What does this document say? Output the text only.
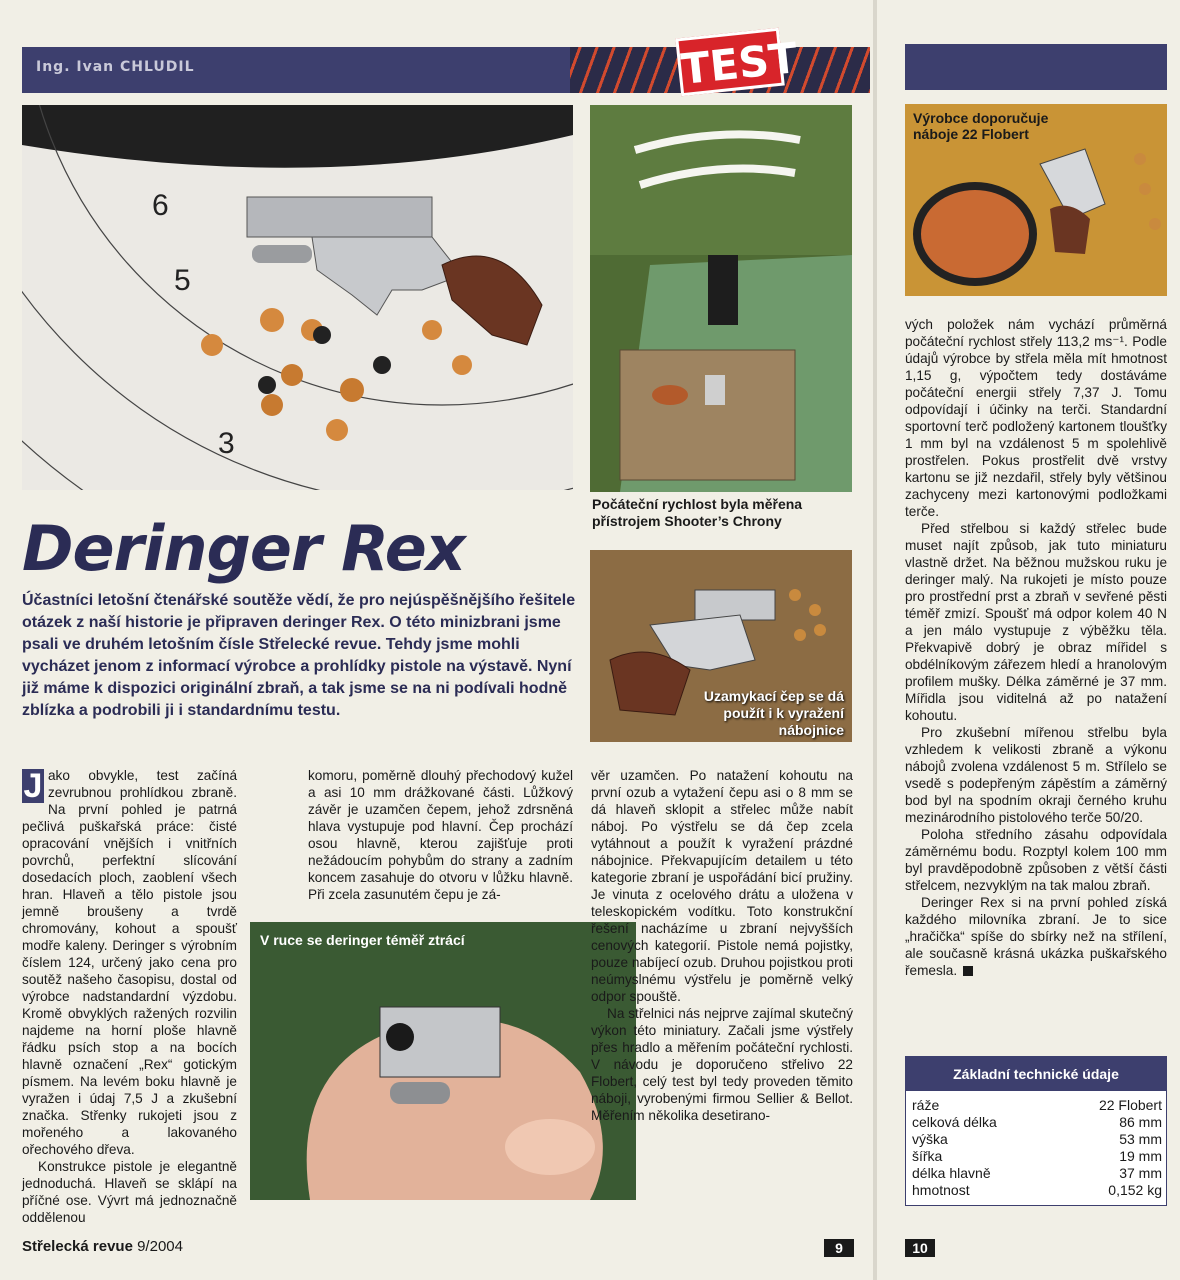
Ing. Ivan CHLUDIL	TEST
6
5
3
Počáteční rychlost byla měřena přístrojem Shooter’s Chrony
Uzamykací čep se dá použít i k vyražení nábojnice
Výrobce doporučuje náboje 22 Flobert
Deringer Rex
Účastníci letošní čtenářské soutěže vědí, že pro nejúspěšnějšího řešitele otázek z naší historie je připraven deringer Rex. O této minizbrani jsme psali ve druhém letošním čísle Střelecké revue. Tehdy jsme mohli vycházet jenom z informací výrobce a prohlídky pistole na výstavě. Nyní již máme k dispozici originální zbraň, a tak jsme se na ni podívali hodně zblízka a podrobili ji i standardnímu testu.

J ako obvykle, test začíná zevrubnou prohlídkou zbraně. Na první pohled je patrná pečlivá puškařská práce: čisté opracování vnějších i vnitřních povrchů, perfektní slícování dosedacích ploch, zaoblení všech hran. Hlaveň a tělo pistole jsou jemně broušeny a tvrdě chromovány, kohout a spoušť modře kaleny. Deringer s výrobním číslem 124, určený jako cena pro soutěž našeho časopisu, dostal od výrobce nadstandardní výzdobu. Kromě obvyklých ražených rozvilin najdeme na horní ploše hlavně řádku psích stop a na bocích hlavně označení „Rex“ gotickým písmem. Na levém boku hlavně je vyražen i údaj 7,5 J a zkušební značka. Střenky rukojeti jsou z mořeného a lakovaného ořechového dřeva.

Konstrukce pistole je elegantně jednoduchá. Hlaveň se sklápí na příčné ose. Vývrt má jednoznačně oddělenou

komoru, poměrně dlouhý přechodový kužel a asi 10 mm drážkované části. Lůžkový závěr je uzamčen čepem, jehož zdrsněná hlava vystupuje pod hlavní. Čep prochází osou hlavně, kterou zajišťuje proti nežádoucím pohybům do strany a zadním koncem zasahuje do otvoru v lůžku hlavně. Při zcela zasunutém čepu je zá-

V ruce se deringer téměř ztrácí

věr uzamčen. Po natažení kohoutu na první ozub a vytažení čepu asi o 8 mm se dá hlaveň sklopit a střelec může nabít náboj. Po výstřelu se dá čep zcela vytáhnout a použít k vyražení prázdné nábojnice. Překvapujícím detailem u této kategorie zbraní je uspořádání bicí pružiny. Je vinuta z ocelového drátu a uložena v teleskopickém vodítku. Toto konstrukční řešení nacházíme u zbraní nejvyšších cenových kategorií. Pistole nemá pojistky, pouze nabíjecí ozub. Druhou pojistkou proti neúmyslnému výstřelu je poměrně velký odpor spouště.

Na střelnici nás nejprve zajímal skutečný výkon této miniatury. Začali jsme výstřely přes hradlo a měřením počáteční rychlosti. V návodu je doporučeno střelivo 22 Flobert, celý test byl tedy proveden těmito náboji, vyrobenými firmou Sellier & Bellot. Měřením několika desetirano-

vých položek nám vychází průměrná počáteční rychlost střely 113,2 ms⁻¹. Podle údajů výrobce by střela měla mít hmotnost 1,15 g, výpočtem tedy dostáváme počáteční energii střely 7,37 J. Tomu odpovídají i účinky na terči. Standardní sportovní terč podložený kartonem tloušťky 1 mm byl na vzdálenost 5 m spolehlivě prostřelen. Pokus prostřelit dvě vrstvy kartonu se již nezdařil, střely byly většinou zachyceny mezi kartonovými podložkami terče.

Před střelbou si každý střelec bude muset najít způsob, jak tuto miniaturu vlastně držet. Na běžnou mužskou ruku je deringer malý. Na rukojeti je místo pouze pro prostřední prst a zbraň v sevřené pěsti téměř zmizí. Spoušť má odpor kolem 40 N a jen málo vystupuje z výběžku těla. Překvapivě dobrý je obraz mířidel s obdélníkovým zářezem hledí a hranolovým profilem mušky. Délka záměrné je 37 mm. Mířidla jsou viditelná až po natažení kohoutu.

Pro zkušební mířenou střelbu byla vzhledem k velikosti zbraně a výkonu nábojů zvolena vzdálenost 5 m. Střílelo se vsedě s podepřeným zápěstím a záměrný bod byl na spodním okraji černého kruhu mezinárodního pistolového terče 50/20.

Poloha středního zásahu odpovídala záměrnému bodu. Rozptyl kolem 100 mm byl pravděpodobně způsoben z větší části střelcem, nezvyklým na tak malou zbraň.

Deringer Rex si na první pohled získá každého milovníka zbraní. Je to sice „hračička“ spíše do sbírky než na střílení, ale současně krásná ukázka puškařského řemesla.

Základní technické údaje
ráže	22 Flobert
celková délka	86 mm
výška	53 mm
šířka	19 mm
délka hlavně	37 mm
hmotnost	0,152 kg
Střelecká revue 9/2004	9	10
